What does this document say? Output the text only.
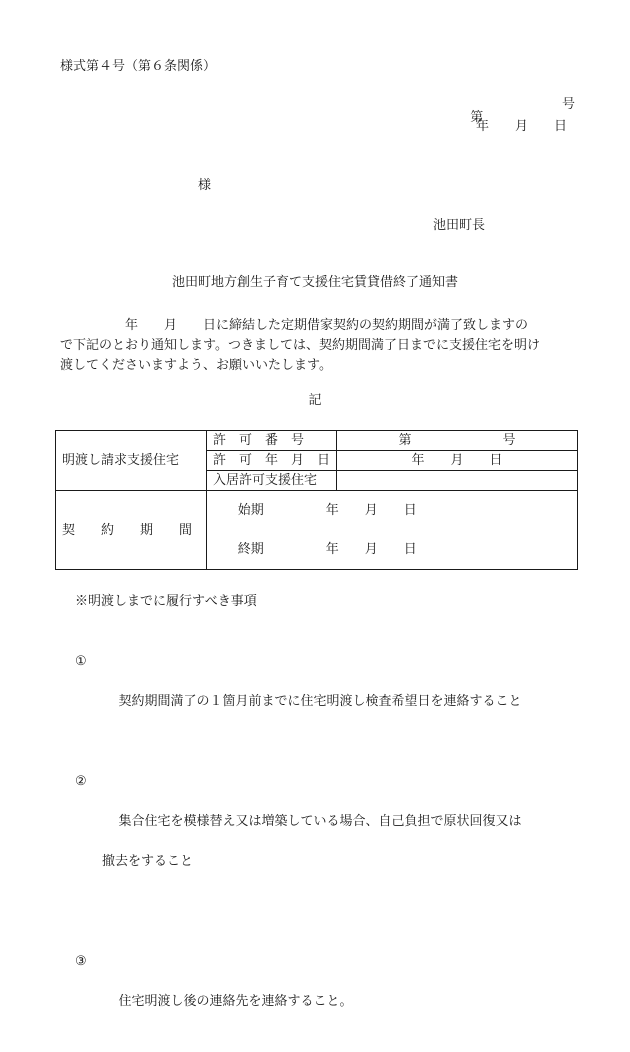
様式第４号（第６条関係）

第

号

年　　月　　日
様
池田町長
池田町地方創生子育て支援住宅賃貸借終了通知書

　　　　　年　　月　　日に締結した定期借家契約の契約期間が満了致しますの

で下記のとおり通知します。つきましては、契約期間満了日までに支援住宅を明け

渡してくださいますよう、お願いいたします。

記
明渡し請求支援住宅	許　可　番　号	第　　　　　　　号
	許　可　年　月　日	年　　月　　日
	入居許可支援住宅	
契　　約　　期　　間	始期 年　　月　　日	

終期 年　　月　　日	

※明渡しまでに履行すべき事項

①

契約期間満了の１箇月前までに住宅明渡し検査希望日を連絡すること

②

集合住宅を模様替え又は増築している場合、自己負担で原状回復又は

撤去をすること

③

住宅明渡し後の連絡先を連絡すること。
